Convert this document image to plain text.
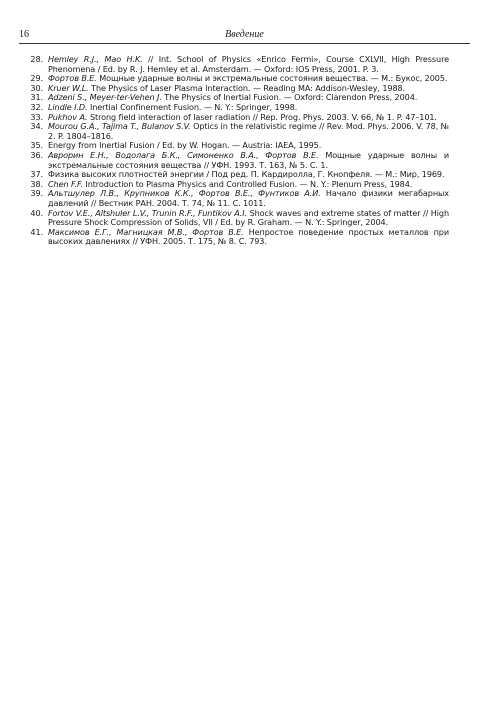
16	Введение
28. Hemley R.J., Mao H.K. // Int. School of Physics «Enrico Fermi», Course CXLVII, High Pressure Phenomena / Ed. by R. J. Hemley et al. Amsterdam. — Oxford: IOS Press, 2001. P. 3.
29. Фортов В.Е. Мощные ударные волны и экстремальные состояния вещества. — М.: Букос, 2005.
30. Kruer W.L. The Physics of Laser Plasma Interaction. — Reading MA: Addison-Wesley, 1988.
31. Adzeni S., Meyer-ter-Vehen J. The Physics of Inertial Fusion. — Oxford: Clarendon Press, 2004.
32. Lindle I.D. Inertial Confinement Fusion. — N. Y.: Springer, 1998.
33. Pukhov A. Strong field interaction of laser radiation // Rep. Prog. Phys. 2003. V. 66, № 1. P. 47–101.
34. Mourou G.A., Tajima T., Bulanov S.V. Optics in the relativistic regime // Rev. Mod. Phys. 2006. V. 78, № 2. P. 1804–1816.
35. Energy from Inertial Fusion / Ed. by W. Hogan. — Austria: IAEA, 1995.
36. Аврорин Е.Н., Водолага Б.К., Симоненко В.А., Фортов В.Е. Мощные ударные волны и экстремальные состояния вещества // УФН. 1993. Т. 163, № 5. С. 1.
37. Физика высоких плотностей энергии / Под ред. П. Кардиролла, Г. Кнопфеля. — М.: Мир, 1969.
38. Chen F.F. Introduction to Plasma Physics and Controlled Fusion. — N. Y.: Plenum Press, 1984.
39. Альтшулер Л.В., Крупников К.К., Фортов В.Е., Фунтиков А.И. Начало физики мегабарных давлений // Вестник РАН. 2004. Т. 74, № 11. С. 1011.
40. Fortov V.E., Altshuler L.V., Trunin R.F., Funtikov A.I. Shock waves and extreme states of matter // High Pressure Shock Compression of Solids, VII / Ed. by R. Graham. — N. Y.: Springer, 2004.
41. Максимов Е.Г., Магницкая М.В., Фортов В.Е. Непростое поведение простых металлов при высоких давлениях // УФН. 2005. Т. 175, № 8. С. 793.
